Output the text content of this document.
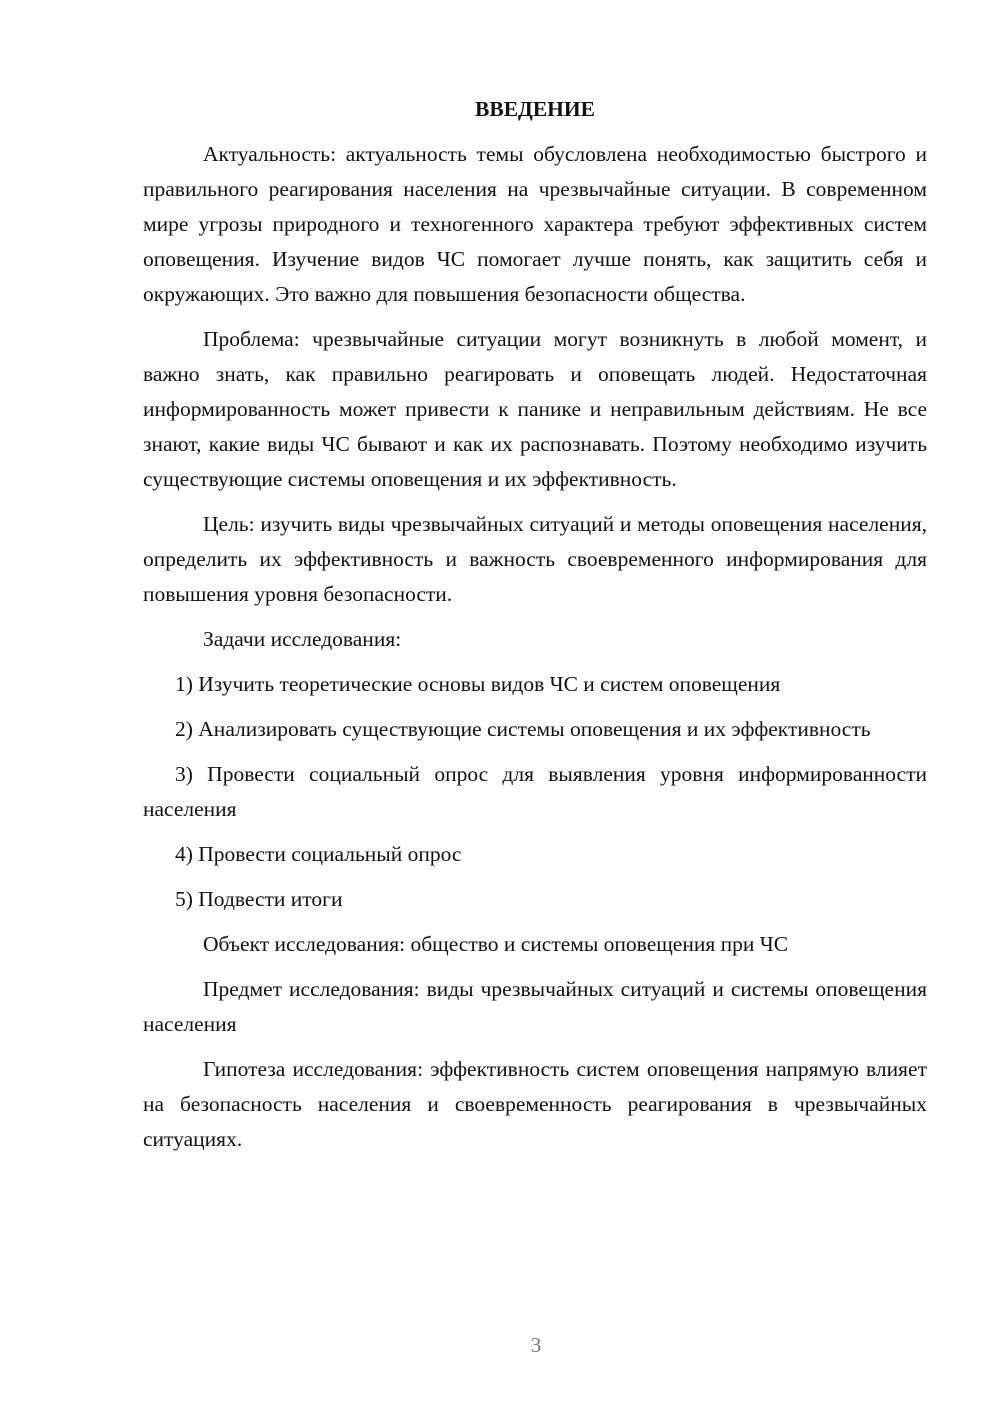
ВВЕДЕНИЕ

Актуальность: актуальность темы обусловлена необходимостью быстрого и правильного реагирования населения на чрезвычайные ситуации. В современном мире угрозы природного и техногенного характера требуют эффективных систем оповещения. Изучение видов ЧС помогает лучше понять, как защитить себя и окружающих. Это важно для повышения безопасности общества.

Проблема: чрезвычайные ситуации могут возникнуть в любой момент, и важно знать, как правильно реагировать и оповещать людей. Недостаточная информированность может привести к панике и неправильным действиям. Не все знают, какие виды ЧС бывают и как их распознавать. Поэтому необходимо изучить существующие системы оповещения и их эффективность.

Цель: изучить виды чрезвычайных ситуаций и методы оповещения населения, определить их эффективность и важность своевременного информирования для повышения уровня безопасности.

Задачи исследования:

1) Изучить теоретические основы видов ЧС и систем оповещения

2) Анализировать существующие системы оповещения и их эффективность

3) Провести социальный опрос для выявления уровня информированности населения

4) Провести социальный опрос

5) Подвести итоги

Объект исследования: общество и системы оповещения при ЧС

Предмет исследования: виды чрезвычайных ситуаций и системы оповещения населения

Гипотеза исследования: эффективность систем оповещения напрямую влияет на безопасность населения и своевременность реагирования в чрезвычайных ситуациях.

3
